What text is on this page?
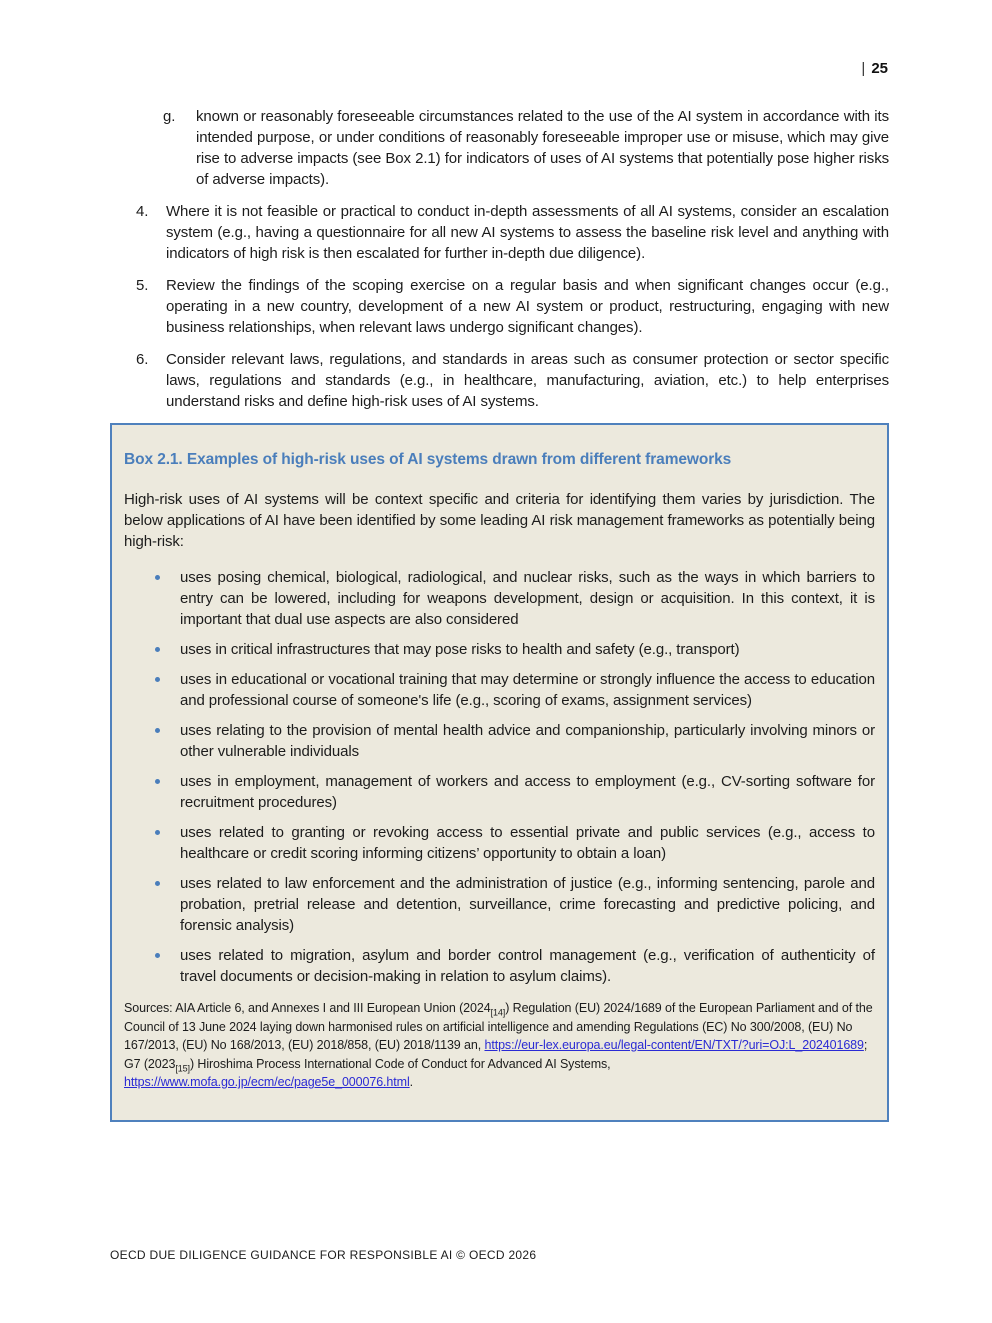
| 25
g. known or reasonably foreseeable circumstances related to the use of the AI system in accordance with its intended purpose, or under conditions of reasonably foreseeable improper use or misuse, which may give rise to adverse impacts (see Box 2.1) for indicators of uses of AI systems that potentially pose higher risks of adverse impacts).
4. Where it is not feasible or practical to conduct in-depth assessments of all AI systems, consider an escalation system (e.g., having a questionnaire for all new AI systems to assess the baseline risk level and anything with indicators of high risk is then escalated for further in-depth due diligence).
5. Review the findings of the scoping exercise on a regular basis and when significant changes occur (e.g., operating in a new country, development of a new AI system or product, restructuring, engaging with new business relationships, when relevant laws undergo significant changes).
6. Consider relevant laws, regulations, and standards in areas such as consumer protection or sector specific laws, regulations and standards (e.g., in healthcare, manufacturing, aviation, etc.) to help enterprises understand risks and define high-risk uses of AI systems.

Box 2.1. Examples of high-risk uses of AI systems drawn from different frameworks

High-risk uses of AI systems will be context specific and criteria for identifying them varies by jurisdiction. The below applications of AI have been identified by some leading AI risk management frameworks as potentially being high-risk:

uses posing chemical, biological, radiological, and nuclear risks, such as the ways in which barriers to entry can be lowered, including for weapons development, design or acquisition. In this context, it is important that dual use aspects are also considered
uses in critical infrastructures that may pose risks to health and safety (e.g., transport)
uses in educational or vocational training that may determine or strongly influence the access to education and professional course of someone's life (e.g., scoring of exams, assignment services)
uses relating to the provision of mental health advice and companionship, particularly involving minors or other vulnerable individuals
uses in employment, management of workers and access to employment (e.g., CV-sorting software for recruitment procedures)
uses related to granting or revoking access to essential private and public services (e.g., access to healthcare or credit scoring informing citizens’ opportunity to obtain a loan)
uses related to law enforcement and the administration of justice (e.g., informing sentencing, parole and probation, pretrial release and detention, surveillance, crime forecasting and predictive policing, and forensic analysis)
uses related to migration, asylum and border control management (e.g., verification of authenticity of travel documents or decision-making in relation to asylum claims).

Sources: AIA Article 6, and Annexes I and III European Union $(2024_{[14]})$ Regulation (EU) 2024/1689 of the European Parliament and of the Council of 13 June 2024 laying down harmonised rules on artificial intelligence and amending Regulations (EC) No 300/2008, (EU) No 167/2013, (EU) No 168/2013, (EU) 2018/858, (EU) 2018/1139 an, https://eur-lex.europa.eu/legal-content/EN/TXT/?uri=OJ:L_202401689; G7 $(2023_{[15]})$ Hiroshima Process International Code of Conduct for Advanced AI Systems, https://www.mofa.go.jp/ecm/ec/page5e_000076.html.

OECD DUE DILIGENCE GUIDANCE FOR RESPONSIBLE AI © OECD 2026
